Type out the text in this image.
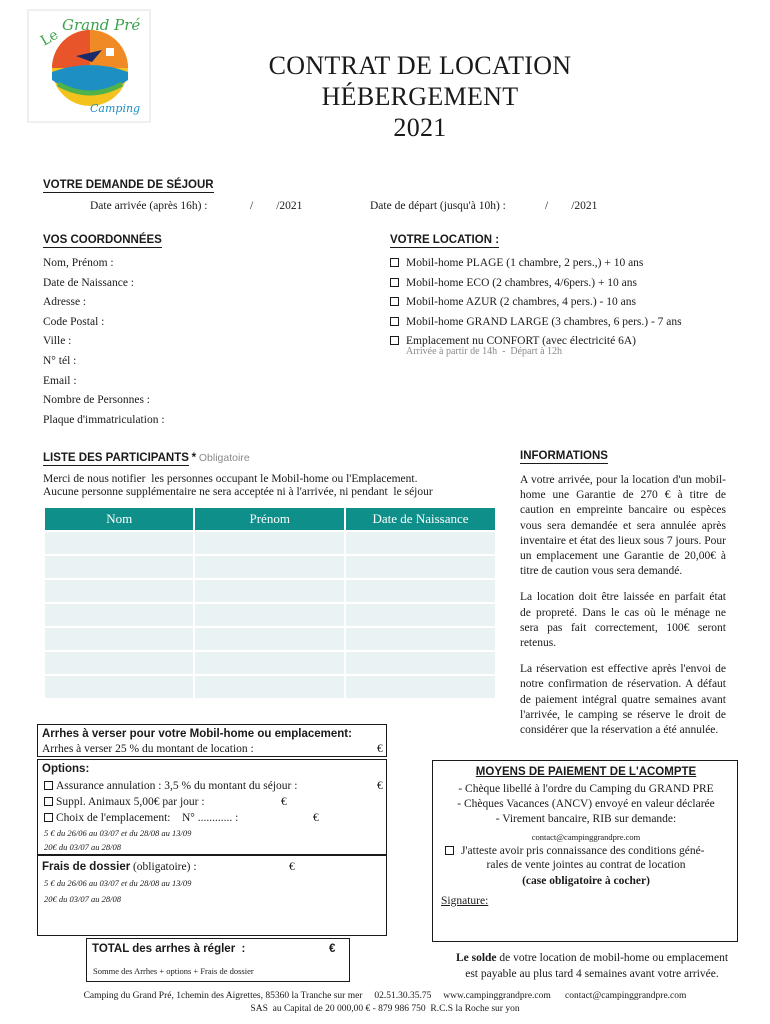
Le
Grand Pré
Camping
CONTRAT DE LOCATION
HÉBERGEMENT
2021
VOTRE DEMANDE DE SÉJOUR
Date arrivée (après 16h) :	/        /2021	Date de départ (jusqu'à 10h) :	/        /2021
VOS COORDONNÉES
Nom, Prénom :
Date de Naissance :
Adresse :
Code Postal :
Ville :
N° tél :
Email :
Nombre de Personnes :
Plaque d'immatriculation :
VOTRE LOCATION :
Mobil-home PLAGE (1 chambre, 2 pers.,) + 10 ans
Mobil-home ECO (2 chambres, 4/6pers.) + 10 ans
Mobil-home AZUR (2 chambres, 4 pers.) - 10 ans
Mobil-home GRAND LARGE (3 chambres, 6 pers.) - 7 ans
Emplacement nu CONFORT (avec électricité 6A)
Arrivée à partir de 14h  -  Départ à 12h
LISTE DES PARTICIPANTS * Obligatoire
Merci de nous notifier  les personnes occupant le Mobil-home ou l'Emplacement.
Aucune personne supplémentaire ne sera acceptée ni à l'arrivée, ni pendant  le séjour
Nom	Prénom	Date de Naissance

INFORMATIONS

A votre arrivée, pour la location d'un mobil-home une Garantie de 270 € à titre de caution en empreinte bancaire ou espèces vous sera demandée et sera annulée après inventaire et état des lieux sous 7 jours. Pour un emplacement une Garantie de 20,00€ à titre de caution vous sera demandé.

La location doit être laissée en parfait état de propreté. Dans le cas où le ménage ne sera pas fait correctement, 100€ seront retenus.

La réservation est effective après l'envoi de notre confirmation de réservation. A défaut de paiement intégral quatre semaines avant l'arrivée, le camping se réserve le droit de considérer que la réservation a été annulée.

Arrhes à verser pour votre Mobil-home ou emplacement:
Arrhes à verser 25 % du montant de location :	€
Options:
Assurance annulation : 3,5 % du montant du séjour :	€
Suppl. Animaux 5,00€ par jour :	€
Choix de l'emplacement:    N° ............ :	€
5 € du 26/06 au 03/07 et du 28/08 au 13/09
20€ du 03/07 au 28/08
Frais de dossier (obligatoire) :	€
5 € du 26/06 au 03/07 et du 28/08 au 13/09
20€ du 03/07 au 28/08
TOTAL des arrhes à régler  :	€
Somme des Arrhes + options + Frais de dossier
MOYENS DE PAIEMENT DE L'ACOMPTE
- Chèque libellé à l'ordre du Camping du GRAND PRE
- Chèques Vacances (ANCV) envoyé en valeur déclarée
- Virement bancaire, RIB sur demande:
contact@campinggrandpre.com
J'atteste avoir pris connaissance des conditions géné-
rales de vente jointes au contrat de location
(case obligatoire à cocher)
Signature:
Le solde de votre location de mobil-home ou emplacement
est payable au plus tard 4 semaines avant votre arrivée.
Camping du Grand Pré, 1chemin des Aigrettes, 85360 la Tranche sur mer     02.51.30.35.75     www.campinggrandpre.com      contact@campinggrandpre.com
SAS  au Capital de 20 000,00 € - 879 986 750  R.C.S la Roche sur yon
